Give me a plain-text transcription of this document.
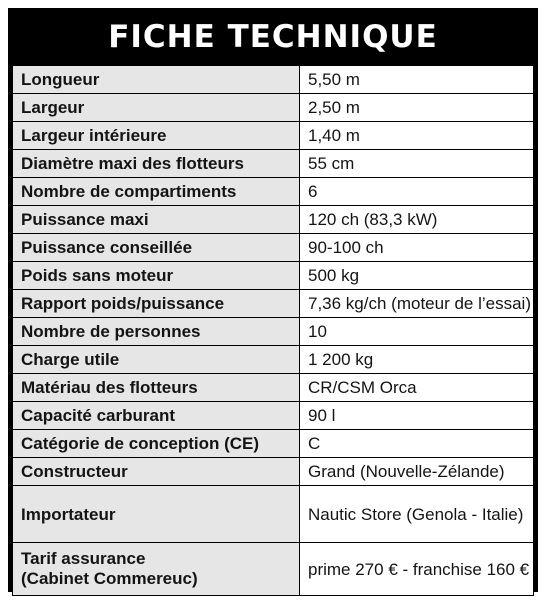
FICHE TECHNIQUE
Longueur	5,50 m
Largeur	2,50 m
Largeur intérieure	1,40 m
Diamètre maxi des flotteurs	55 cm
Nombre de compartiments	6
Puissance maxi	120 ch (83,3 kW)
Puissance conseillée	90-100 ch
Poids sans moteur	500 kg
Rapport poids/puissance	7,36 kg/ch (moteur de l’essai)
Nombre de personnes	10
Charge utile	1 200 kg
Matériau des flotteurs	CR/CSM Orca
Capacité carburant	90 l
Catégorie de conception (CE)	C
Constructeur	Grand (Nouvelle-Zélande)
Importateur	Nautic Store (Genola - Italie)

Tarif assurance
(Cabinet Commereuc)	prime 270 € - franchise 160 €
